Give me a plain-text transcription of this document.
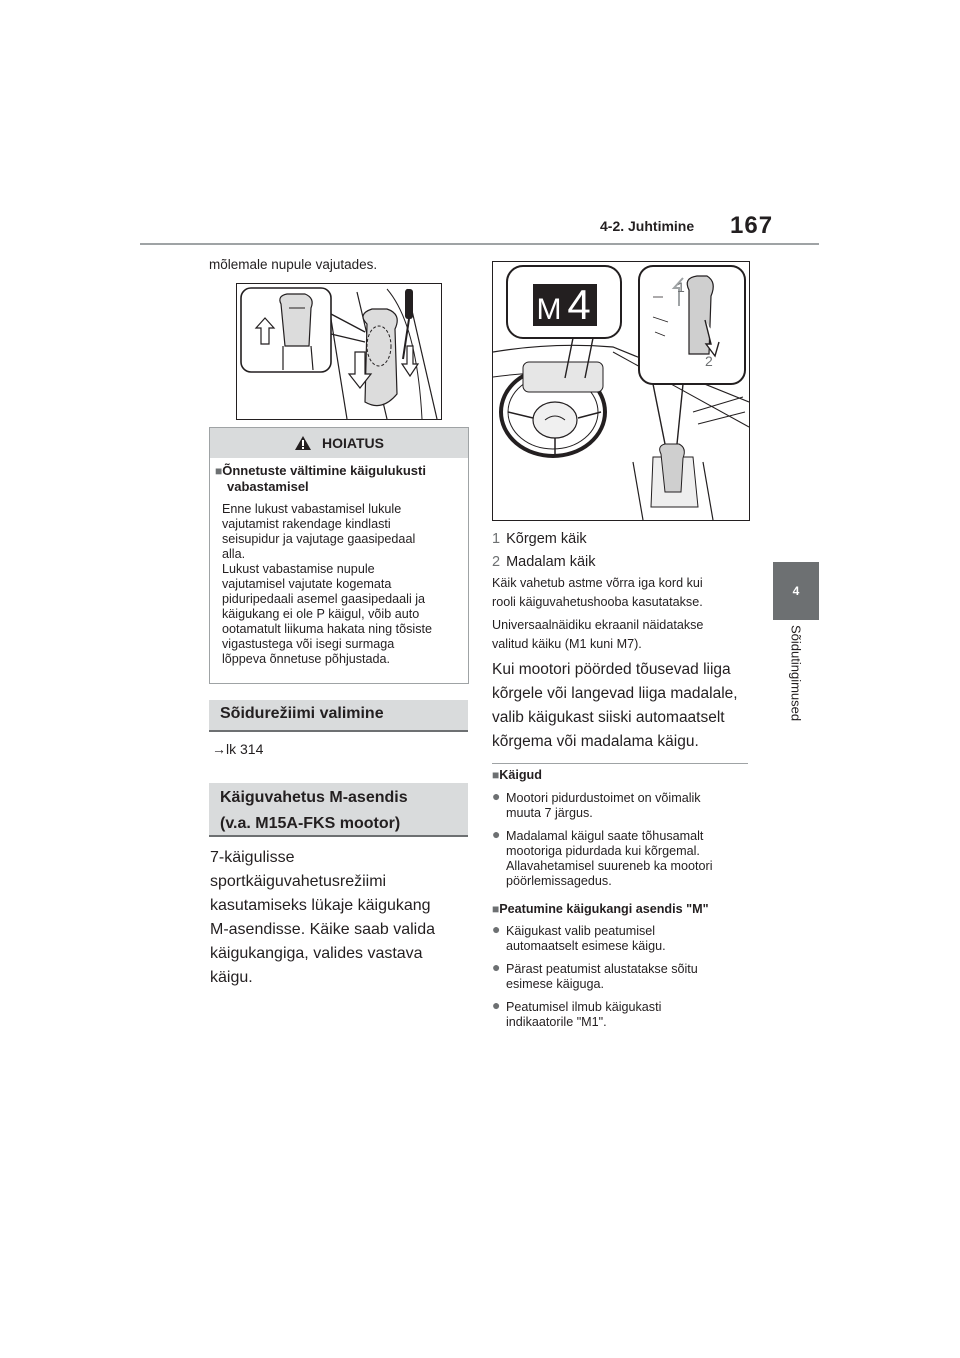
4-2. Juhtimine 167
4
Sõidutingimused
mõlemale nupule vajutades.
HOIATUS
■Õnnetuste vältimine käigulukusti
vabastamisel
Enne lukust vabastamisel lukule
vajutamist rakendage kindlasti
seisupidur ja vajutage gaasipedaal
alla.
Lukust vabastamise nupule
vajutamisel vajutate kogemata
piduripedaali asemel gaasipedaali ja
käigukang ei ole P käigul, võib auto
ootamatult liikuma hakata ning tõsiste
vigastustega või isegi surmaga
lõppeva õnnetuse põhjustada.
Sõidurežiimi valimine
→lk 314
Käiguvahetus M-asendis
(v.a. M15A-FKS mootor)
7-käigulisse
sportkäiguvahetusrežiimi
kasutamiseks lükaje käigukang
M-asendisse. Käike saab valida
käigukangiga, valides vastava
käigu.
M 4	1
2
1 Kõrgem käik
2 Madalam käik
Käik vahetub astme võrra iga kord kui
rooli käiguvahetushooba kasutatakse.
Universaalnäidiku ekraanil näidatakse
valitud käiku (M1 kuni M7).
Kui mootori pöörded tõusevad liiga
kõrgele või langevad liiga madalale,
valib käigukast siiski automaatselt
kõrgema või madalama käigu.
■Käigud
● Mootori pidurdustoimet on võimalik
muuta 7 järgus.
● Madalamal käigul saate tõhusamalt
mootoriga pidurdada kui kõrgemal.
Allavahetamisel suureneb ka mootori
pöörlemissagedus.
■Peatumine käigukangi asendis "M"
● Käigukast valib peatumisel
automaatselt esimese käigu.
● Pärast peatumist alustatakse sõitu
esimese käiguga.
● Peatumisel ilmub käigukasti
indikaatorile "M1".
